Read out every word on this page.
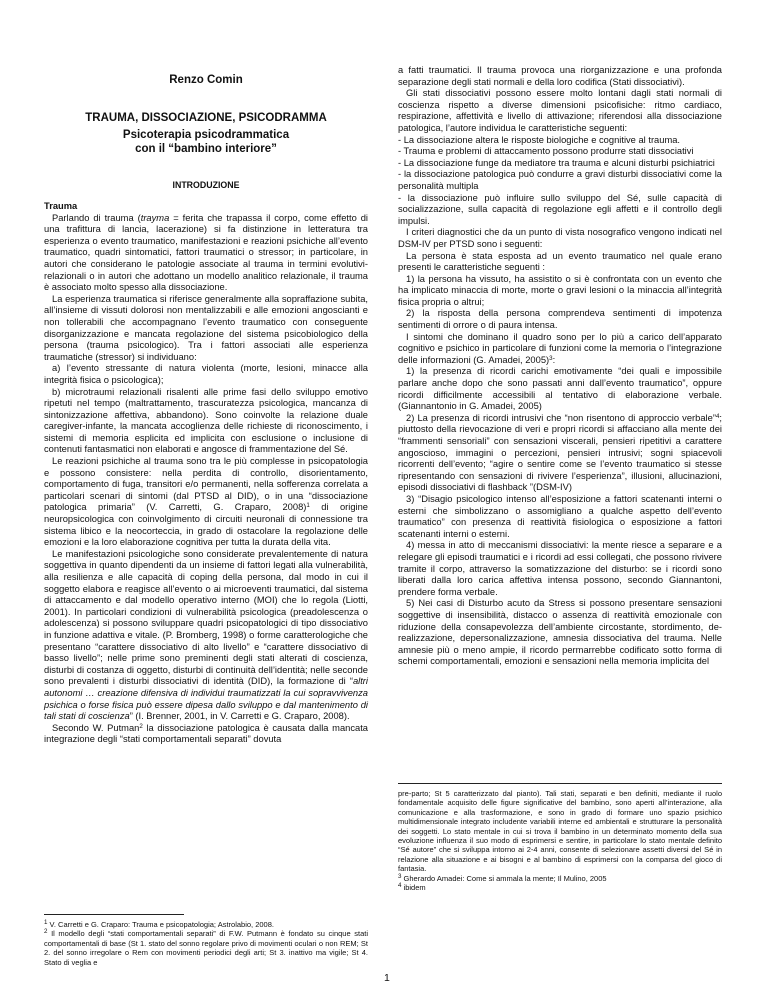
Renzo Comin

TRAUMA, DISSOCIAZIONE, PSICODRAMMA

Psicoterapia psicodrammatica

con il “bambino interiore”

INTRODUZIONE

Trauma

Parlando di trauma (trayma = ferita che trapassa il corpo, come effetto di una trafittura di lancia, lacerazione) si fa distinzione in letteratura tra esperienza o evento traumatico, manifestazioni e reazioni psichiche all’evento traumatico, quadri sintomatici, fattori traumatici o stressor; in particolare, in autori che considerano le patologie associate al trauma in termini evolutivi- relazionali o in autori che adottano un modello analitico relazionale, il trauma è associato molto spesso alla dissociazione.

La esperienza traumatica si riferisce generalmente alla sopraffazione subita, all’insieme di vissuti dolorosi non mentalizzabili e alle emozioni angoscianti e non tollerabili che accompagnano l’evento traumatico con conseguente disorganizzazione e mancata regolazione del sistema psicobiologico della persona (trauma psicologico). Tra i fattori associati alle esperienza traumatiche (stressor) si individuano:

a) l’evento stressante di natura violenta (morte, lesioni, minacce alla integrità fisica o psicologica);

b) microtraumi relazionali risalenti alle prime fasi dello sviluppo emotivo ripetuti nel tempo (maltrattamento, trascuratezza psicologica, mancanza di sintonizzazione affettiva, abbandono). Sono coinvolte la relazione duale caregiver-infante, la mancata accoglienza delle richieste di riconoscimento, i sistemi di memoria esplicita ed implicita con esclusione o inclusione di contenuti fantasmatici non elaborati e angosce di frammentazione del Sé.

Le reazioni psichiche al trauma sono tra le più complesse in psicopatologia e possono consistere: nella perdita di controllo, disorientamento, comportamento di fuga, transitori e/o permanenti, nella sofferenza correlata a particolari scenari di sintomi (dal PTSD al DID), o in una “dissociazione patologica primaria” (V. Carretti, G. Craparo, 2008)$^1$ di origine neuropsicologica con coinvolgimento di circuiti neuronali di connessione tra sistema libico e la neocorteccia, in grado di ostacolare la regolazione delle emozioni e la loro elaborazione cognitiva per tutta la durata della vita.

Le manifestazioni psicologiche sono considerate prevalentemente di natura soggettiva in quanto dipendenti da un insieme di fattori legati alla vulnerabilità, alla resilienza e alle capacità di coping della persona, dal modo in cui il soggetto elabora e reagisce all’evento o ai microeventi traumatici, dal sistema di attaccamento e dal modello operativo interno (MOI) che lo regola (Liotti, 2001). In particolari condizioni di vulnerabilità psicologica (preadolescenza o adolescenza) si possono sviluppare quadri psicopatologici di tipo dissociativo in funzione adattiva e vitale. (P. Bromberg, 1998) o forme caratterologiche che presentano “carattere dissociativo di alto livello” e “carattere dissociativo di basso livello”; nelle prime sono preminenti degli stati alterati di coscienza, disturbi di costanza di oggetto, disturbi di continuità dell’identità; nelle seconde sono prevalenti i disturbi dissociativi di identità (DID), la formazione di “altri autonomi … creazione difensiva di individui traumatizzati la cui sopravvivenza psichica o forse fisica può essere dipesa dallo sviluppo e dal mantenimento di tali stati di coscienza” (I. Brenner, 2001, in V. Carretti e G. Craparo, 2008).

Secondo W. Putman$^2$ la dissociazione patologica è causata dalla mancata integrazione degli “stati comportamentali separati” dovuta

$^1$ V. Carretti e G. Craparo: Trauma e psicopatologia; Astrolabio, 2008.

$^2$ Il modello degli “stati comportamentali separati” di F.W. Putmann è fondato su cinque stati comportamentali di base (St 1. stato del sonno regolare privo di movimenti oculari o non REM; St 2. del sonno irregolare o Rem con movimenti periodici degli arti; St 3. inattivo ma vigile; St 4. Stato di veglia e

a fatti traumatici. Il trauma provoca una riorganizzazione e una profonda separazione degli stati normali e della loro codifica (Stati dissociativi).

Gli stati dissociativi possono essere molto lontani dagli stati normali di coscienza rispetto a diverse dimensioni psicofisiche: ritmo cardiaco, respirazione, affettività e livello di attivazione; riferendosi alla dissociazione patologica, l’autore individua le caratteristiche seguenti:

- La dissociazione altera le risposte biologiche e cognitive al trauma.

- Trauma e problemi di attaccamento possono produrre stati dissociativi

- La dissociazione funge da mediatore tra trauma e alcuni disturbi psichiatrici

- la dissociazione patologica può condurre a gravi disturbi dissociativi come la personalità multipla

- la dissociazione può influire sullo sviluppo del Sé, sulle capacità di socializzazione, sulla capacità di regolazione egli affetti e il controllo degli impulsi.

I criteri diagnostici che da un punto di vista nosografico vengono indicati nel DSM-IV per PTSD sono i seguenti:

La persona è stata esposta ad un evento traumatico nel quale erano presenti le caratteristiche seguenti :

1) la persona ha vissuto, ha assistito o si è confrontata con un evento che ha implicato minaccia di morte, morte o gravi lesioni o la minaccia all’integrità fisica propria o altrui;

2) la risposta della persona comprendeva sentimenti di impotenza sentimenti di orrore o di paura intensa.

I sintomi che dominano il quadro sono per lo più a carico dell’apparato cognitivo e psichico in particolare di funzioni come la memoria o l’integrazione delle informazioni (G. Amadei, 2005)$^3$:

1) la presenza di ricordi carichi emotivamente “dei quali e impossibile parlare anche dopo che sono passati anni dall’evento traumatico”, oppure ricordi difficilmente accessibili al tentativo di elaborazione verbale. (Giannantonio in G. Amadei, 2005)

2) La presenza di ricordi intrusivi che “non risentono di approccio verbale”$^4$; piuttosto della rievocazione di veri e propri ricordi si affacciano alla mente dei “frammenti sensoriali” con sensazioni viscerali, pensieri ripetitivi a carattere angoscioso, immagini o percezioni, pensieri intrusivi; sogni spiacevoli ricorrenti dell’evento; “agire o sentire come se l’evento traumatico si stesse ripresentando con sensazioni di rivivere l’esperienza”, illusioni, allucinazioni, episodi dissociativi di flashback ”(DSM-IV)

3) “Disagio psicologico intenso all’esposizione a fattori scatenanti interni o esterni che simbolizzano o assomigliano a qualche aspetto dell’evento traumatico” con presenza di reattività fisiologica o esposizione a fattori scatenanti interni o esterni.

4) messa in atto di meccanismi dissociativi: la mente riesce a separare e a relegare gli episodi traumatici e i ricordi ad essi collegati, che possono rivivere tramite il corpo, attraverso la somatizzazione del disturbo: se i ricordi sono liberati dalla loro carica affettiva intensa possono, secondo Giannantoni, prendere forma verbale.

5) Nei casi di Disturbo acuto da Stress si possono presentare sensazioni soggettive di insensibilità, distacco o assenza di reattività emozionale con riduzione della consapevolezza dell’ambiente circostante, stordimento, de-realizzazione, depersonalizzazione, amnesia dissociativa del trauma. Nelle amnesie più o meno ampie, il ricordo permarrebbe codificato sotto forma di schemi comportamentali, emozioni e sensazioni nella memoria implicita del

pre-parto; St 5 caratterizzato dal pianto). Tali stati, separati e ben definiti, mediante il ruolo fondamentale acquisito delle figure significative del bambino, sono aperti all’interazione, alla comunicazione e alla trasformazione, e sono in grado di formare uno spazio psichico multidimensionale integrato includente variabili interne ed ambientali e strutturare la personalità dei soggetti. Lo stato mentale in cui si trova il bambino in un determinato momento della sua evoluzione influenza il suo modo di esprimersi e sentire, in particolare lo stato mentale definito “Sé autore” che si sviluppa intorno ai 2-4 anni, consente di selezionare assetti diversi del Sé in relazione alla situazione e ai bisogni e al bambino di esprimersi con la comparsa del gioco di fantasia.

$^3$ Gherardo Amadei: Come si ammala la mente; Il Mulino, 2005

$^4$ ibidem

1
